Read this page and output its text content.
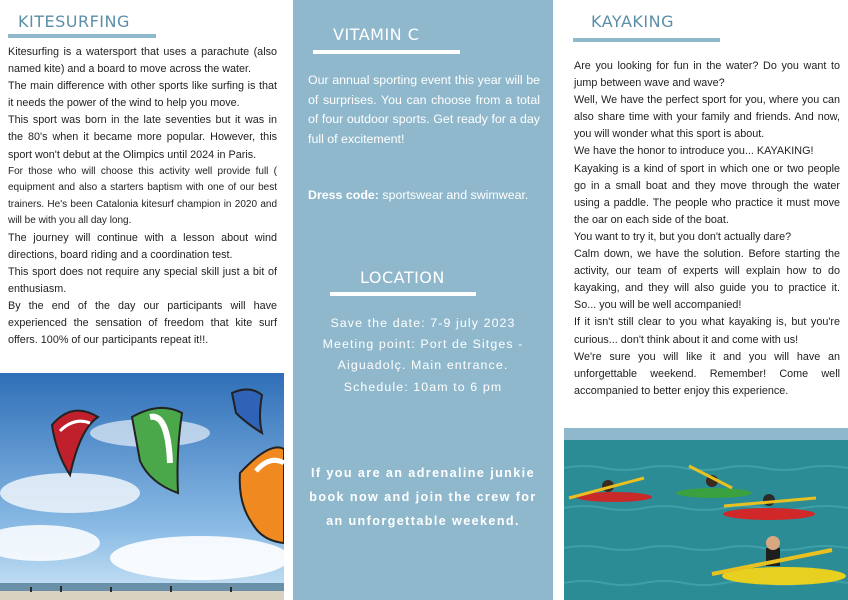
KITESURFING

Kitesurfing is a watersport that uses a parachute (also named kite) and a board to move across the water.

The main difference with other sports like surfing is that it needs the power of the wind to help you move.

This sport was born in the late seventies but it was in the 80's when it became more popular. However, this sport won't debut at the Olimpics until 2024 in Paris.

For those who will choose this activity well provide full ( equipment and also a starters baptism with one of our best trainers. He's been Catalonia kitesurf champion in 2020 and will be with you all day long.

The journey will continue with a lesson about wind directions, board riding and a coordination test.

This sport does not require any special skill just a bit of enthusiasm.

By the end of the day our participants will have experienced the sensation of freedom that kite surf offers. 100% of our participants repeat it!!.

VITAMIN C
Our annual sporting event this year will be of surprises. You can choose from a total of four outdoor sports. Get ready for a day full of excitement!
Dress code: sportswear and swimwear.
LOCATION
Save the date: 7-9 july 2023
Meeting point: Port de Sitges -
Aiguadolç. Main entrance.
Schedule: 10am to 6 pm
If you are an adrenaline junkie
book now and join the crew for
an unforgettable weekend.
KAYAKING

Are you looking for fun in the water? Do you want to jump between wave and wave?

Well, We have the perfect sport for you, where you can also share time with your family and friends. And now, you will wonder what this sport is about.

We have the honor to introduce you... KAYAKING!

Kayaking is a kind of sport in which one or two people go in a small boat and they move through the water using a paddle. The people who practice it must move the oar on each side of the boat.

You want to try it, but you don't actually dare?

Calm down, we have the solution. Before starting the activity, our team of experts will explain how to do kayaking, and they will also guide you to practice it. So... you will be well accompanied!

If it isn't still clear to you what kayaking is, but you're curious... don't think about it and come with us!

We're sure you will like it and you will have an unforgettable weekend. Remember! Come well accompanied to better enjoy this experience.
